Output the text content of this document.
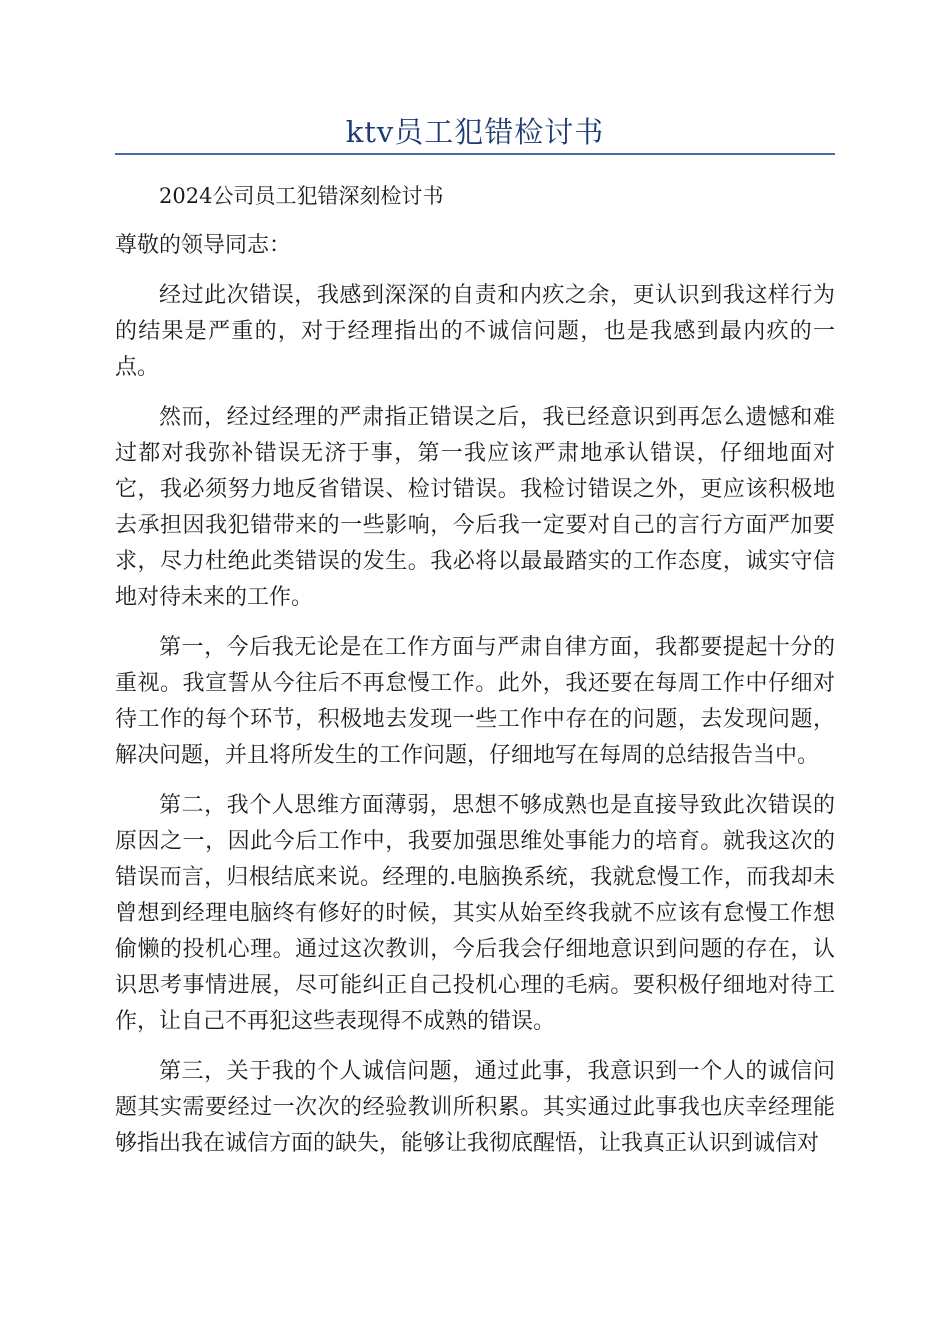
ktv员工犯错检讨书

2024公司员工犯错深刻检讨书

尊敬的领导同志：

经过此次错误，我感到深深的自责和内疚之余，更认识到我这样行为的结果是严重的，对于经理指出的不诚信问题，也是我感到最内疚的一点。

然而，经过经理的严肃指正错误之后，我已经意识到再怎么遗憾和难过都对我弥补错误无济于事，第一我应该严肃地承认错误，仔细地面对它，我必须努力地反省错误、检讨错误。我检讨错误之外，更应该积极地去承担因我犯错带来的一些影响，今后我一定要对自己的言行方面严加要求，尽力杜绝此类错误的发生。我必将以最最踏实的工作态度，诚实守信地对待未来的工作。

第一，今后我无论是在工作方面与严肃自律方面，我都要提起十分的重视。我宣誓从今往后不再怠慢工作。此外，我还要在每周工作中仔细对待工作的每个环节，积极地去发现一些工作中存在的问题，去发现问题，解决问题，并且将所发生的工作问题，仔细地写在每周的总结报告当中。

第二，我个人思维方面薄弱，思想不够成熟也是直接导致此次错误的原因之一，因此今后工作中，我要加强思维处事能力的培育。就我这次的错误而言，归根结底来说。经理的.电脑换系统，我就怠慢工作，而我却未曾想到经理电脑终有修好的时候，其实从始至终我就不应该有怠慢工作想偷懒的投机心理。通过这次教训，今后我会仔细地意识到问题的存在，认识思考事情进展，尽可能纠正自己投机心理的毛病。要积极仔细地对待工作，让自己不再犯这些表现得不成熟的错误。

第三，关于我的个人诚信问题，通过此事，我意识到一个人的诚信问题其实需要经过一次次的经验教训所积累。其实通过此事我也庆幸经理能够指出我在诚信方面的缺失，能够让我彻底醒悟，让我真正认识到诚信对
